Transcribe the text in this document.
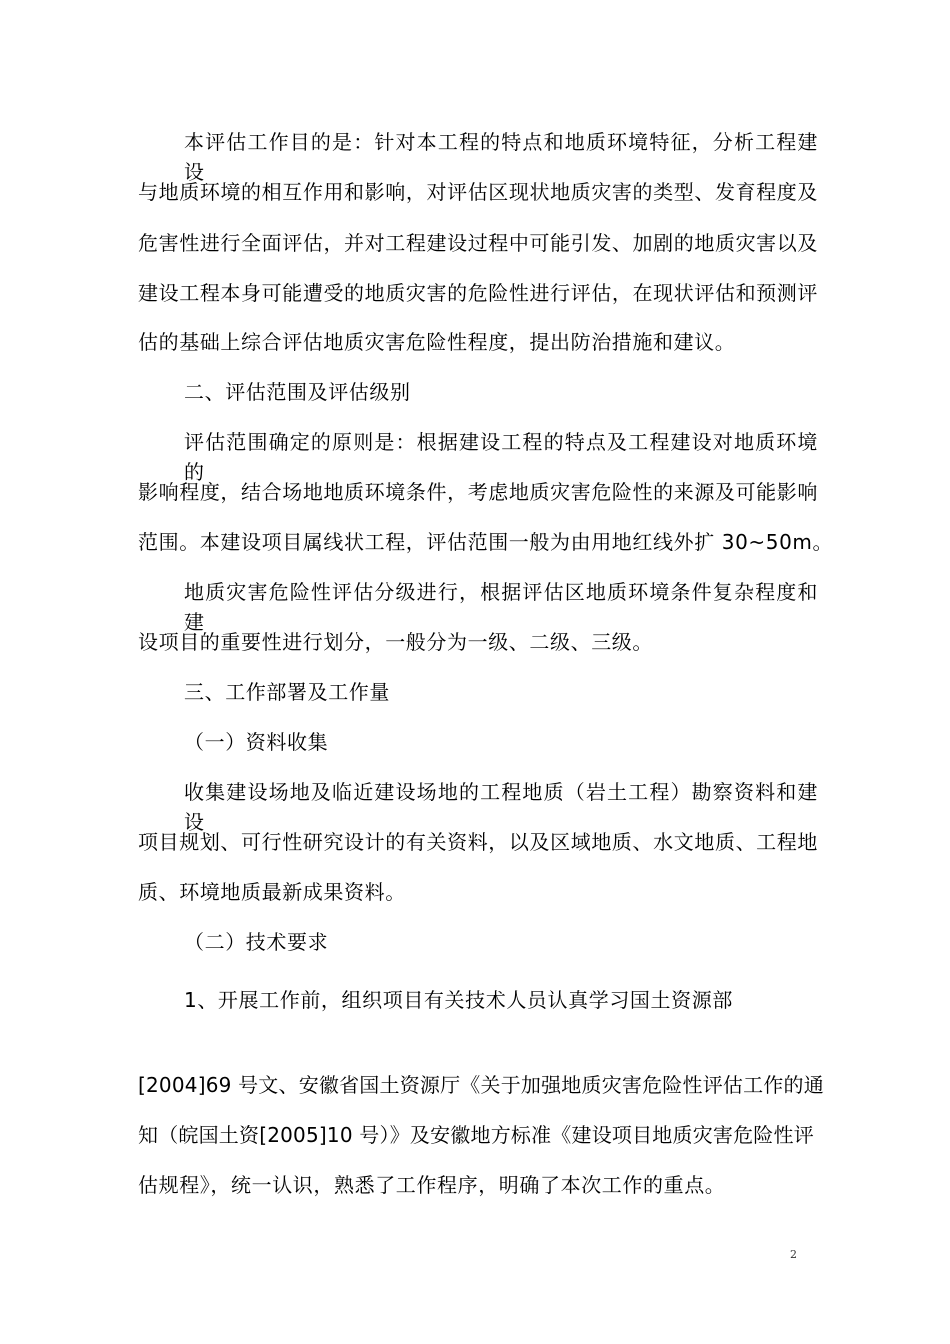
本评估工作目的是：针对本工程的特点和地质环境特征，分析工程建设
与地质环境的相互作用和影响，对评估区现状地质灾害的类型、发育程度及
危害性进行全面评估，并对工程建设过程中可能引发、加剧的地质灾害以及
建设工程本身可能遭受的地质灾害的危险性进行评估，在现状评估和预测评
估的基础上综合评估地质灾害危险性程度，提出防治措施和建议。
二、评估范围及评估级别
评估范围确定的原则是：根据建设工程的特点及工程建设对地质环境的
影响程度，结合场地地质环境条件，考虑地质灾害危险性的来源及可能影响
范围。本建设项目属线状工程，评估范围一般为由用地红线外扩 30~50m。
地质灾害危险性评估分级进行，根据评估区地质环境条件复杂程度和建
设项目的重要性进行划分，一般分为一级、二级、三级。
三、工作部署及工作量
（一）资料收集
收集建设场地及临近建设场地的工程地质（岩土工程）勘察资料和建设
项目规划、可行性研究设计的有关资料，以及区域地质、水文地质、工程地
质、环境地质最新成果资料。
（二）技术要求
1、开展工作前，组织项目有关技术人员认真学习国土资源部
[2004]69 号文、安徽省国土资源厅《关于加强地质灾害危险性评估工作的通
知（皖国土资[2005]10 号）》及安徽地方标准《建设项目地质灾害危险性评
估规程》，统一认识，熟悉了工作程序，明确了本次工作的重点。
2
